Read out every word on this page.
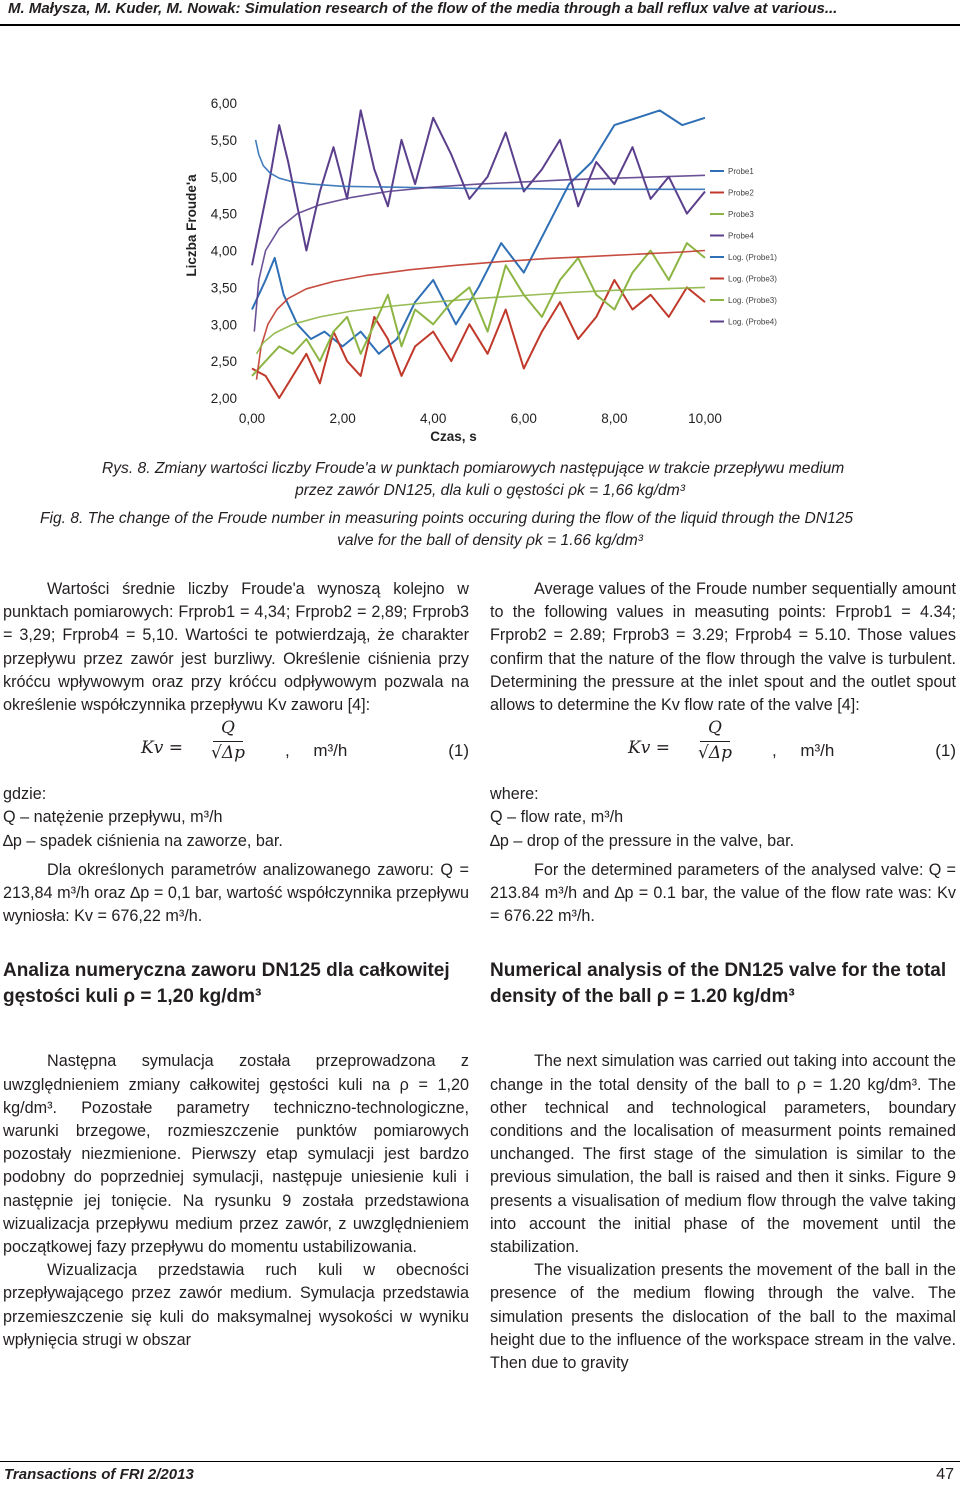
M. Małysza, M. Kuder, M. Nowak: Simulation research of the flow of the media through a ball reflux valve at various...
6,00
5,50
5,00
4,50
4,00
3,50
3,00
2,50
2,00
0,00	2,00	4,00	6,00	8,00	10,00
Czas, s
Liczba Froude'a
Probe1
Probe2
Probe3
Probe4
Log. (Probe1)
Log. (Probe3)
Log. (Probe3)
Log. (Probe4)
Rys. 8. Zmiany wartości liczby Froude'a w punktach pomiarowych następujące w trakcie przepływu medium
przez zawór DN125, dla kuli o gęstości ρk = 1,66 kg/dm³
Fig. 8. The change of the Froude number in measuring points occuring during the flow of the liquid through the DN125
valve for the ball of density ρk = 1.66 kg/dm³

Wartości średnie liczby Froude'a wynoszą kolejno w punktach pomiarowych: Frprob1 = 4,34; Frprob2 = 2,89; Frprob3 = 3,29; Frprob4 = 5,10. Wartości te potwierdzają, że charakter przepływu przez zawór jest burzliwy. Określenie ciśnienia przy króćcu wpływowym oraz przy króćcu odpływowym pozwala na określenie współczynnika przepływu Kv zaworu [4]:

Kv =
Q
√Δp , m³/h	(1)

gdzie:

Q – natężenie przepływu, m³/h

∆p – spadek ciśnienia na zaworze, bar.

Dla określonych parametrów analizowanego zaworu: Q = 213,84 m³/h oraz ∆p = 0,1 bar, wartość współczynnika przepływu wyniosła: Kv = 676,22 m³/h.

Analiza numeryczna zaworu DN125 dla całkowitej gęstości kuli ρ = 1,20 kg/dm³

Następna symulacja została przeprowadzona z uwzględnieniem zmiany całkowitej gęstości kuli na ρ = 1,20 kg/dm³. Pozostałe parametry techniczno-technologiczne, warunki brzegowe, rozmieszczenie punktów pomiarowych pozostały niezmienione. Pierwszy etap symulacji jest bardzo podobny do poprzedniej symulacji, następuje uniesienie kuli i następnie jej tonięcie. Na rysunku 9 została przedstawiona wizualizacja przepływu medium przez zawór, z uwzględnieniem początkowej fazy przepływu do momentu ustabilizowania.

Wizualizacja przedstawia ruch kuli w obecności przepływającego przez zawór medium. Symulacja przedstawia przemieszczenie się kuli do maksymalnej wysokości w wyniku wpłynięcia strugi w obszar

Average values of the Froude number sequentially amount to the following values in measuting points: Frprob1 = 4.34; Frprob2 = 2.89; Frprob3 = 3.29; Frprob4 = 5.10. Those values confirm that the nature of the flow through the valve is turbulent. Determining the pressure at the inlet spout and the outlet spout allows to determine the Kv flow rate of the valve [4]:

Kv =
Q
√Δp , m³/h	(1)

where:

Q – flow rate, m³/h

∆p – drop of the pressure in the valve, bar.

For the determined parameters of the analysed valve: Q = 213.84 m³/h and ∆p = 0.1 bar, the value of the flow rate was: Kv = 676.22 m³/h.

Numerical analysis of the DN125 valve for the total density of the ball ρ = 1.20 kg/dm³

The next simulation was carried out taking into account the change in the total density of the ball to ρ = 1.20 kg/dm³. The other technical and technological parameters, boundary conditions and the localisation of measurment points remained unchanged. The first stage of the simulation is similar to the previous simulation, the ball is raised and then it sinks. Figure 9 presents a visualisation of medium flow through the valve taking into account the initial phase of the movement until the stabilization.

The visualization presents the movement of the ball in the presence of the medium flowing through the valve. The simulation presents the dislocation of the ball to the maximal height due to the influence of the workspace stream in the valve. Then due to gravity

Transactions of FRI 2/2013	47
